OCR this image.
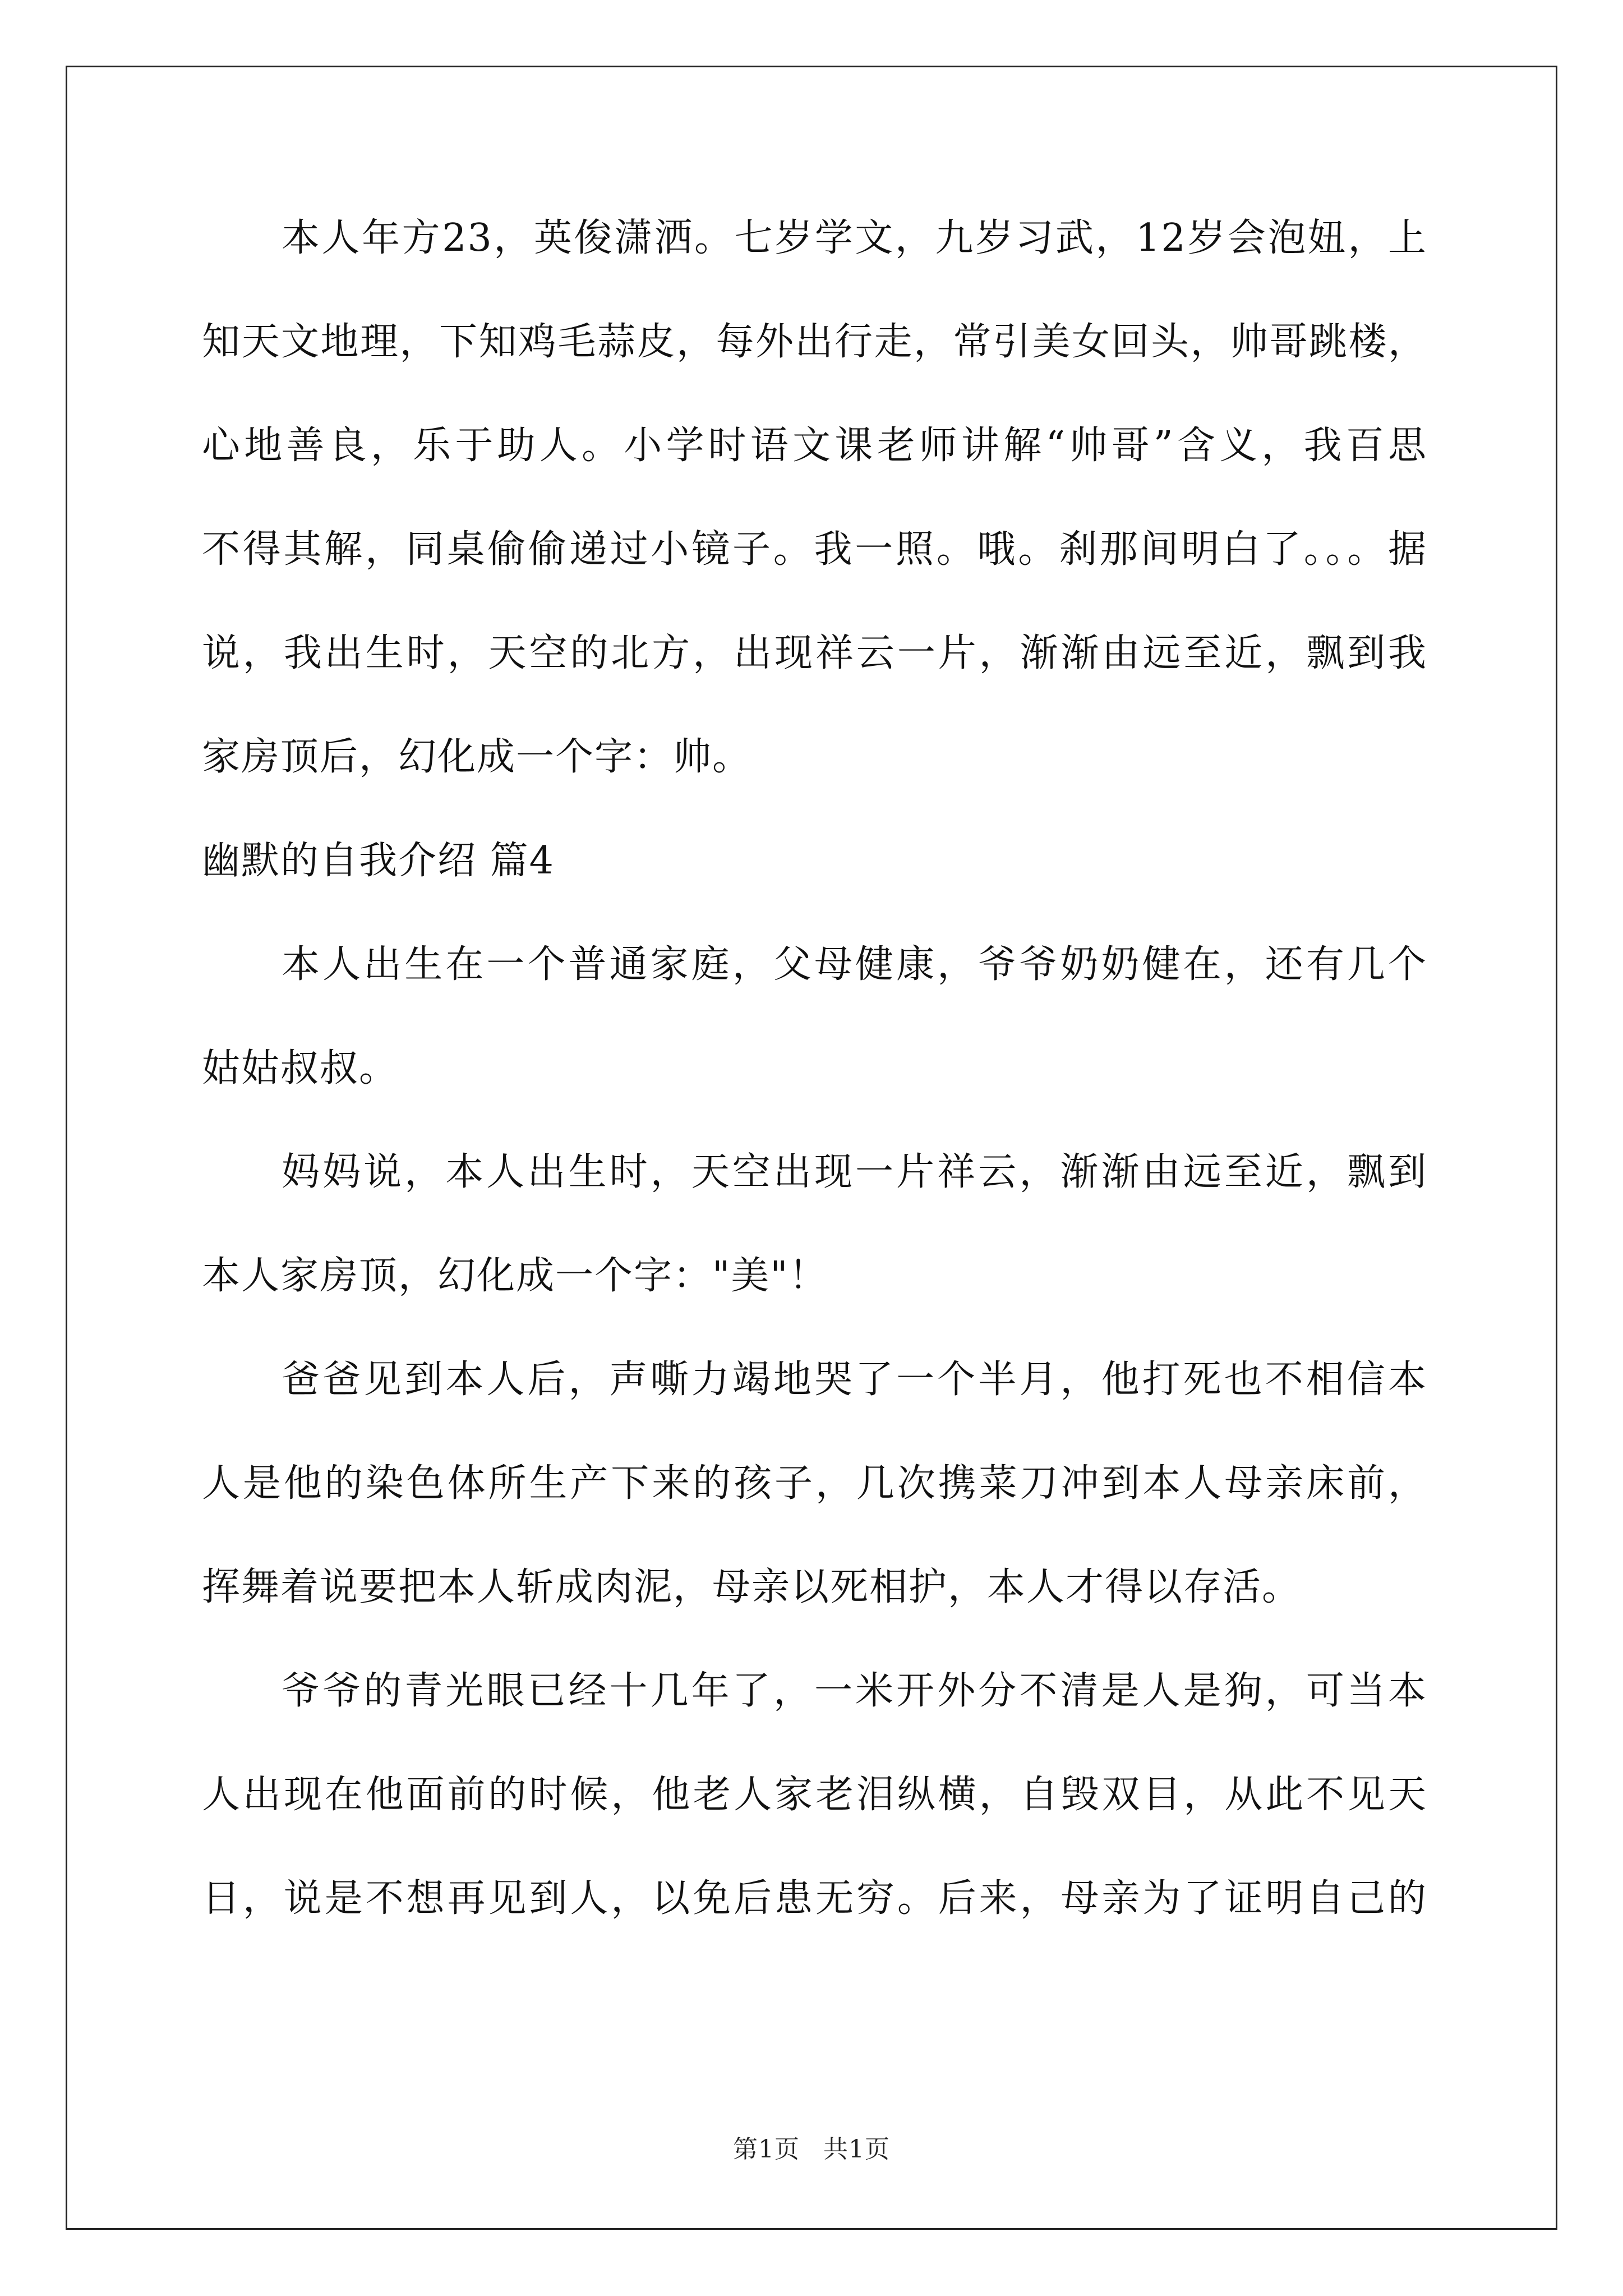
本人年方23，英俊潇洒。七岁学文，九岁习武，12岁会泡妞，上
知天文地理，下知鸡毛蒜皮，每外出行走，常引美女回头，帅哥跳楼，
心地善良，乐于助人。小学时语文课老师讲解“帅哥”含义，我百思
不得其解，同桌偷偷递过小镜子。我一照。哦。刹那间明白了。。。据
说，我出生时，天空的北方，出现祥云一片，渐渐由远至近，飘到我
家房顶后，幻化成一个字：帅。
幽默的自我介绍 篇4
本人出生在一个普通家庭，父母健康，爷爷奶奶健在，还有几个
姑姑叔叔。
妈妈说，本人出生时，天空出现一片祥云，渐渐由远至近，飘到
本人家房顶，幻化成一个字："美"！
爸爸见到本人后，声嘶力竭地哭了一个半月，他打死也不相信本
人是他的染色体所生产下来的孩子，几次携菜刀冲到本人母亲床前，
挥舞着说要把本人斩成肉泥，母亲以死相护，本人才得以存活。
爷爷的青光眼已经十几年了，一米开外分不清是人是狗，可当本
人出现在他面前的时候，他老人家老泪纵横，自毁双目，从此不见天
日，说是不想再见到人，以免后患无穷。后来，母亲为了证明自己的
第1页 共1页
